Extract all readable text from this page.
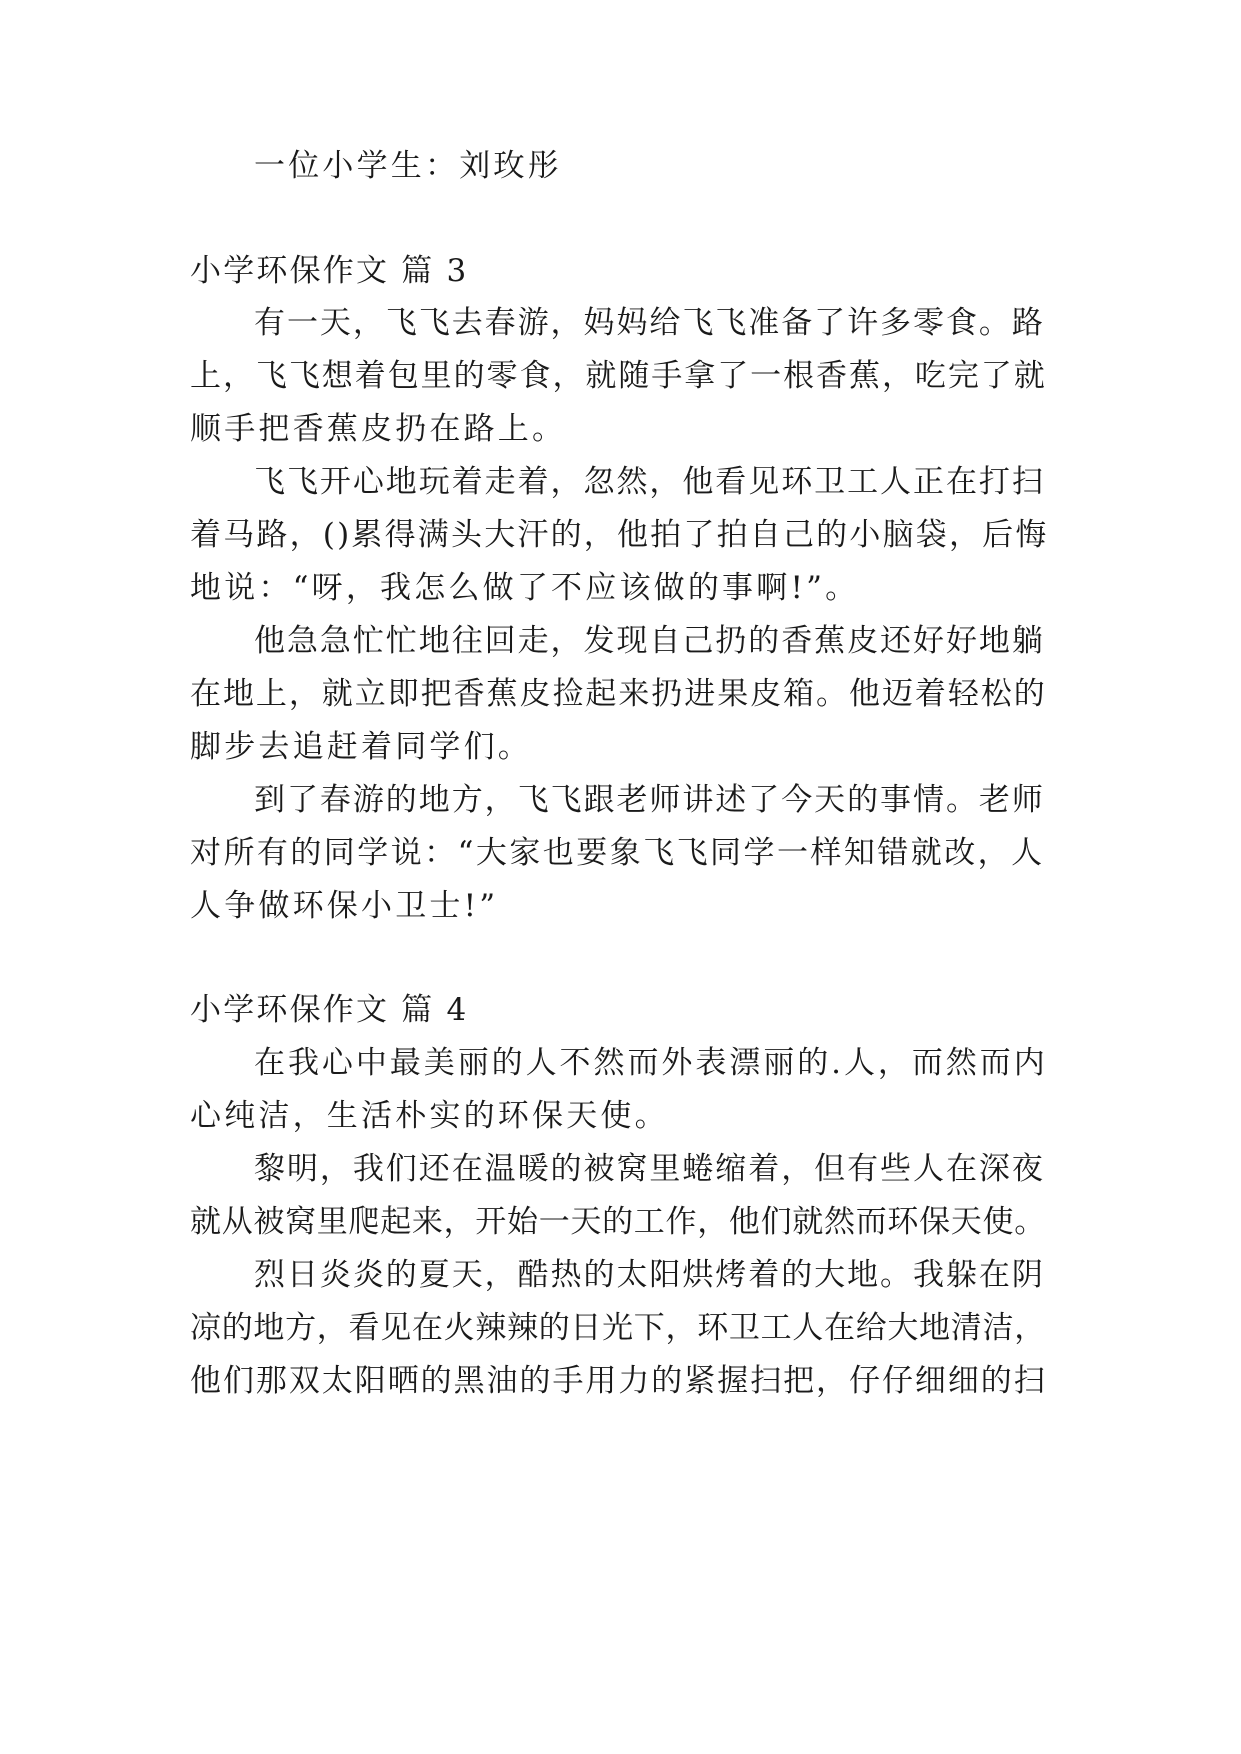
一位小学生：刘玫彤
小学环保作文 篇 3
有一天，飞飞去春游，妈妈给飞飞准备了许多零食。路
上，飞飞想着包里的零食，就随手拿了一根香蕉，吃完了就
顺手把香蕉皮扔在路上。
飞飞开心地玩着走着，忽然，他看见环卫工人正在打扫
着马路，()累得满头大汗的，他拍了拍自己的小脑袋，后悔
地说：“呀，我怎么做了不应该做的事啊!”。
他急急忙忙地往回走，发现自己扔的香蕉皮还好好地躺
在地上，就立即把香蕉皮捡起来扔进果皮箱。他迈着轻松的
脚步去追赶着同学们。
到了春游的地方，飞飞跟老师讲述了今天的事情。老师
对所有的同学说：“大家也要象飞飞同学一样知错就改，人
人争做环保小卫士!”
小学环保作文 篇 4
在我心中最美丽的人不然而外表漂丽的.人，而然而内
心纯洁，生活朴实的环保天使。
黎明，我们还在温暖的被窝里蜷缩着，但有些人在深夜
就从被窝里爬起来，开始一天的工作，他们就然而环保天使。
烈日炎炎的夏天，酷热的太阳烘烤着的大地。我躲在阴
凉的地方，看见在火辣辣的日光下，环卫工人在给大地清洁，
他们那双太阳晒的黑油的手用力的紧握扫把，仔仔细细的扫
